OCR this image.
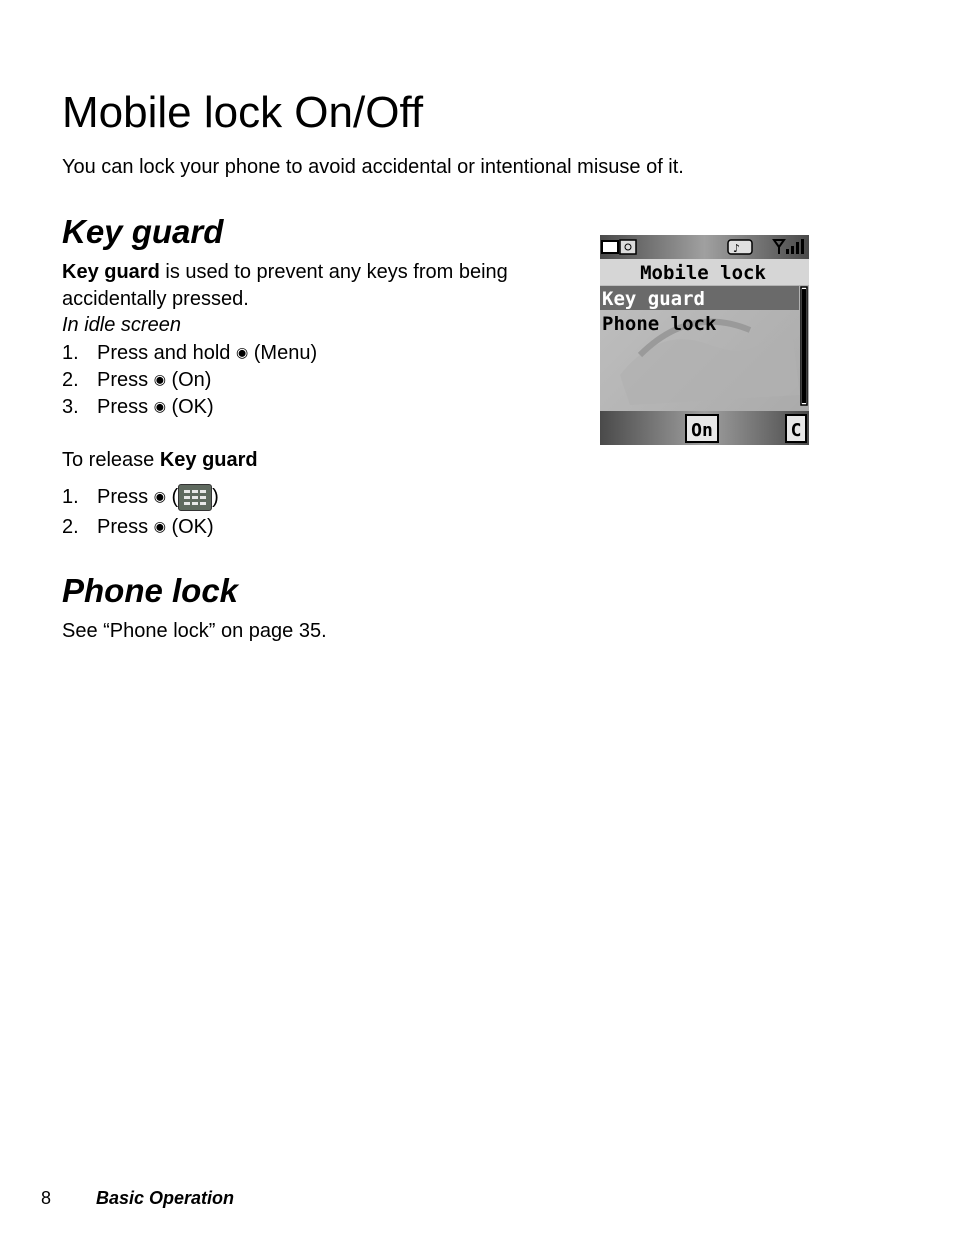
Mobile lock On/Off
You can lock your phone to avoid accidental or intentional misuse of it.
Key guard
Key guard is used to prevent any keys from being
accidentally pressed.
In idle screen
1. Press and hold ◉ (Menu)
2. Press ◉ (On)
3. Press ◉ (OK)
To release Key guard
1. Press ◉ ( )
2. Press ◉ (OK)
Phone lock
See “Phone lock” on page 35.
♪
Mobile lock
Key guard
Phone lock
On	C
8 Basic Operation
